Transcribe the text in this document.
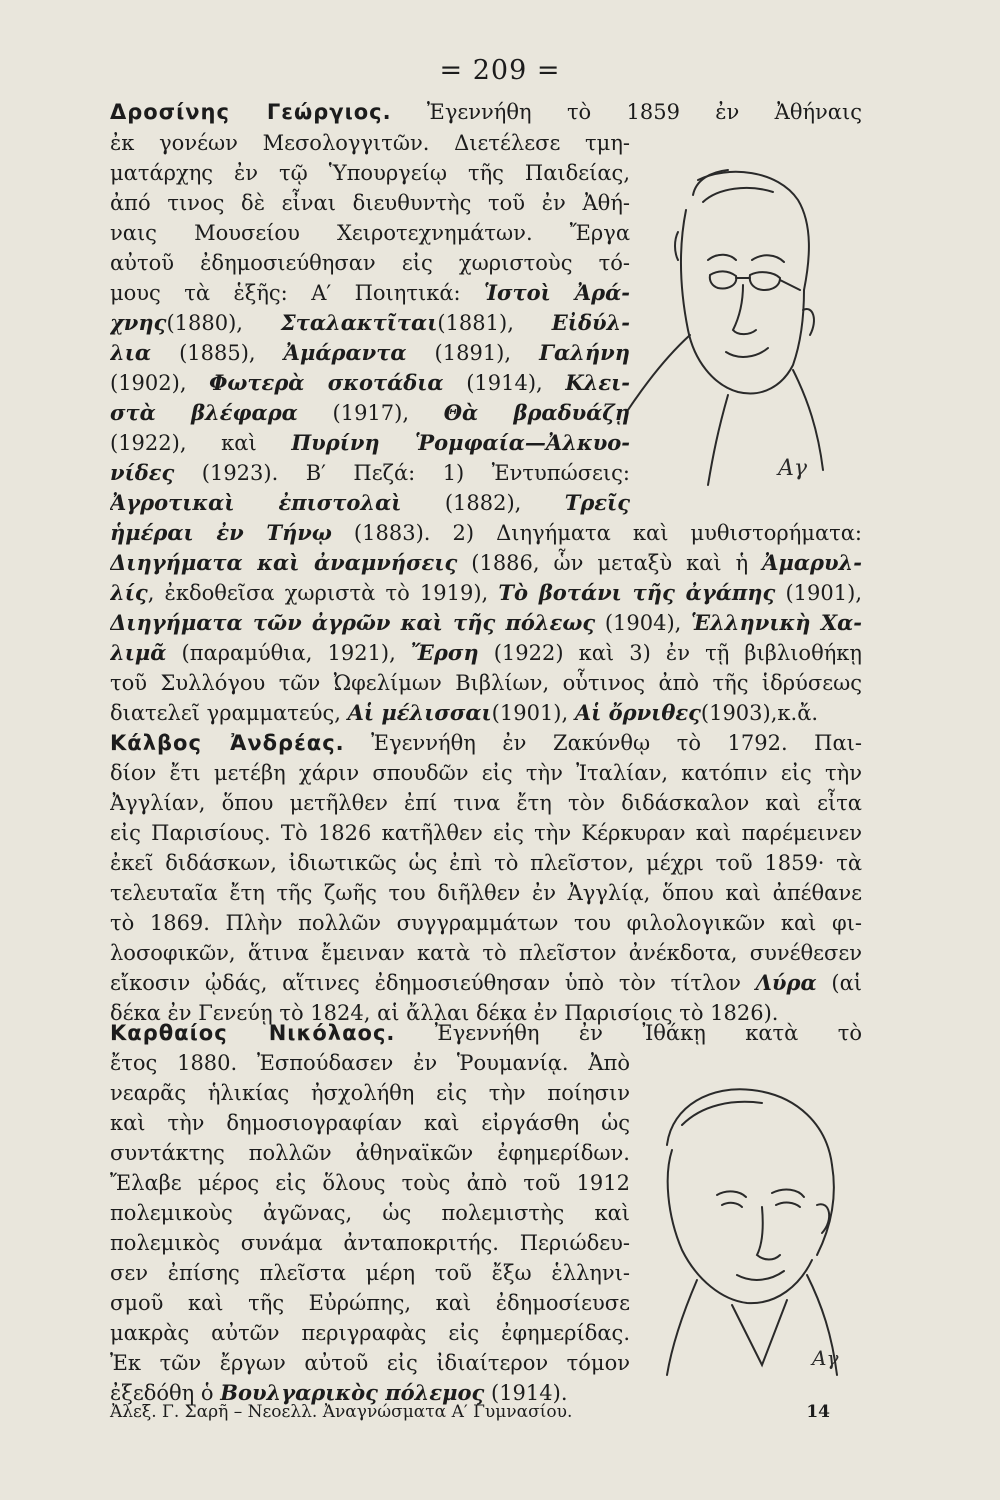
= 209 =
Δροσίνης Γεώργιος. Ἐγεννήθη τὸ 1859 ἐν Ἀθήναις
ἐκ γονέων Μεσολογγιτῶν. Διετέλεσε τμη-
ματάρχης ἐν τῷ Ὑπουργείῳ τῆς Παιδείας,
ἀπό τινος δὲ εἶναι διευθυντὴς τοῦ ἐν Ἀθή-
ναις Μουσείου Χειροτεχνημάτων. Ἔργα
αὐτοῦ ἐδημοσιεύθησαν εἰς χωριστοὺς τό-
μους τὰ ἑξῆς: Α′ Ποιητικά: Ἱστοὶ Ἀρά-
χνης(1880), Σταλακτῖται(1881), Εἰδύλ-
λια (1885), Ἀμάραντα (1891), Γαλήνη
(1902), Φωτερὰ σκοτάδια (1914), Κλει-
στὰ βλέφαρα (1917), Θὰ βραδυάζῃ
(1922), καὶ Πυρίνη Ῥομφαία—Ἀλκυο-
νίδες (1923). Β′ Πεζά: 1) Ἐντυπώσεις:
Ἀγροτικαὶ ἐπιστολαὶ (1882), Τρεῖς
ἡμέραι ἐν Τήνῳ (1883). 2) Διηγήματα καὶ μυθιστορήματα:
Διηγήματα καὶ ἀναμνήσεις (1886, ὧν μεταξὺ καὶ ἡ Ἀμαρυλ-
λίς, ἐκδοθεῖσα χωριστὰ τὸ 1919), Τὸ βοτάνι τῆς ἀγάπης (1901),
Διηγήματα τῶν ἀγρῶν καὶ τῆς πόλεως (1904), Ἑλληνικὴ Χα-
λιμᾶ (παραμύθια, 1921), Ἔρση (1922) καὶ 3) ἐν τῇ βιβλιοθήκῃ
τοῦ Συλλόγου τῶν Ὠφελίμων Βιβλίων, οὗτινος ἀπὸ τῆς ἱδρύσεως
διατελεῖ γραμματεύς, Αἱ μέλισσαι(1901), Αἱ ὄρνιθες(1903),κ.ἄ.
Κάλβος Ἀνδρέας. Ἐγεννήθη ἐν Ζακύνθῳ τὸ 1792. Παι-
δίον ἔτι μετέβη χάριν σπουδῶν εἰς τὴν Ἰταλίαν, κατόπιν εἰς τὴν
Ἀγγλίαν, ὅπου μετῆλθεν ἐπί τινα ἔτη τὸν διδάσκαλον καὶ εἶτα
εἰς Παρισίους. Τὸ 1826 κατῆλθεν εἰς τὴν Κέρκυραν καὶ παρέμεινεν
ἐκεῖ διδάσκων, ἰδιωτικῶς ὡς ἐπὶ τὸ πλεῖστον, μέχρι τοῦ 1859· τὰ
τελευταῖα ἔτη τῆς ζωῆς του διῆλθεν ἐν Ἀγγλίᾳ, ὅπου καὶ ἀπέθανε
τὸ 1869. Πλὴν πολλῶν συγγραμμάτων του φιλολογικῶν καὶ φι-
λοσοφικῶν, ἅτινα ἔμειναν κατὰ τὸ πλεῖστον ἀνέκδοτα, συνέθεσεν
εἴκοσιν ᾠδάς, αἵτινες ἐδημοσιεύθησαν ὑπὸ τὸν τίτλον Λύρα (αἱ
δέκα ἐν Γενεύῃ τὸ 1824, αἱ ἄλλαι δέκα ἐν Παρισίοις τὸ 1826).
Καρθαίος Νικόλαος. Ἐγεννήθη ἐν Ἰθάκῃ κατὰ τὸ
ἔτος 1880. Ἐσπούδασεν ἐν Ῥουμανίᾳ. Ἀπὸ
νεαρᾶς ἡλικίας ἠσχολήθη εἰς τὴν ποίησιν
καὶ τὴν δημοσιογραφίαν καὶ εἰργάσθη ὡς
συντάκτης πολλῶν ἀθηναϊκῶν ἐφημερίδων.
Ἔλαβε μέρος εἰς ὅλους τοὺς ἀπὸ τοῦ 1912
πολεμικοὺς ἀγῶνας, ὡς πολεμιστὴς καὶ
πολεμικὸς συνάμα ἀνταποκριτής. Περιώδευ-
σεν ἐπίσης πλεῖστα μέρη τοῦ ἔξω ἑλληνι-
σμοῦ καὶ τῆς Εὐρώπης, καὶ ἐδημοσίευσε
μακρὰς αὐτῶν περιγραφὰς εἰς ἐφημερίδας.
Ἐκ τῶν ἔργων αὐτοῦ εἰς ἰδιαίτερον τόμον
ἐξεδόθη ὁ Βουλγαρικὸς πόλεμος (1914).
Αγ
Αγ
Ἀλεξ. Γ. Σαρῆ – Νεοελλ. Ἀναγνώσματα Α′ Γυμνασίου.	14
